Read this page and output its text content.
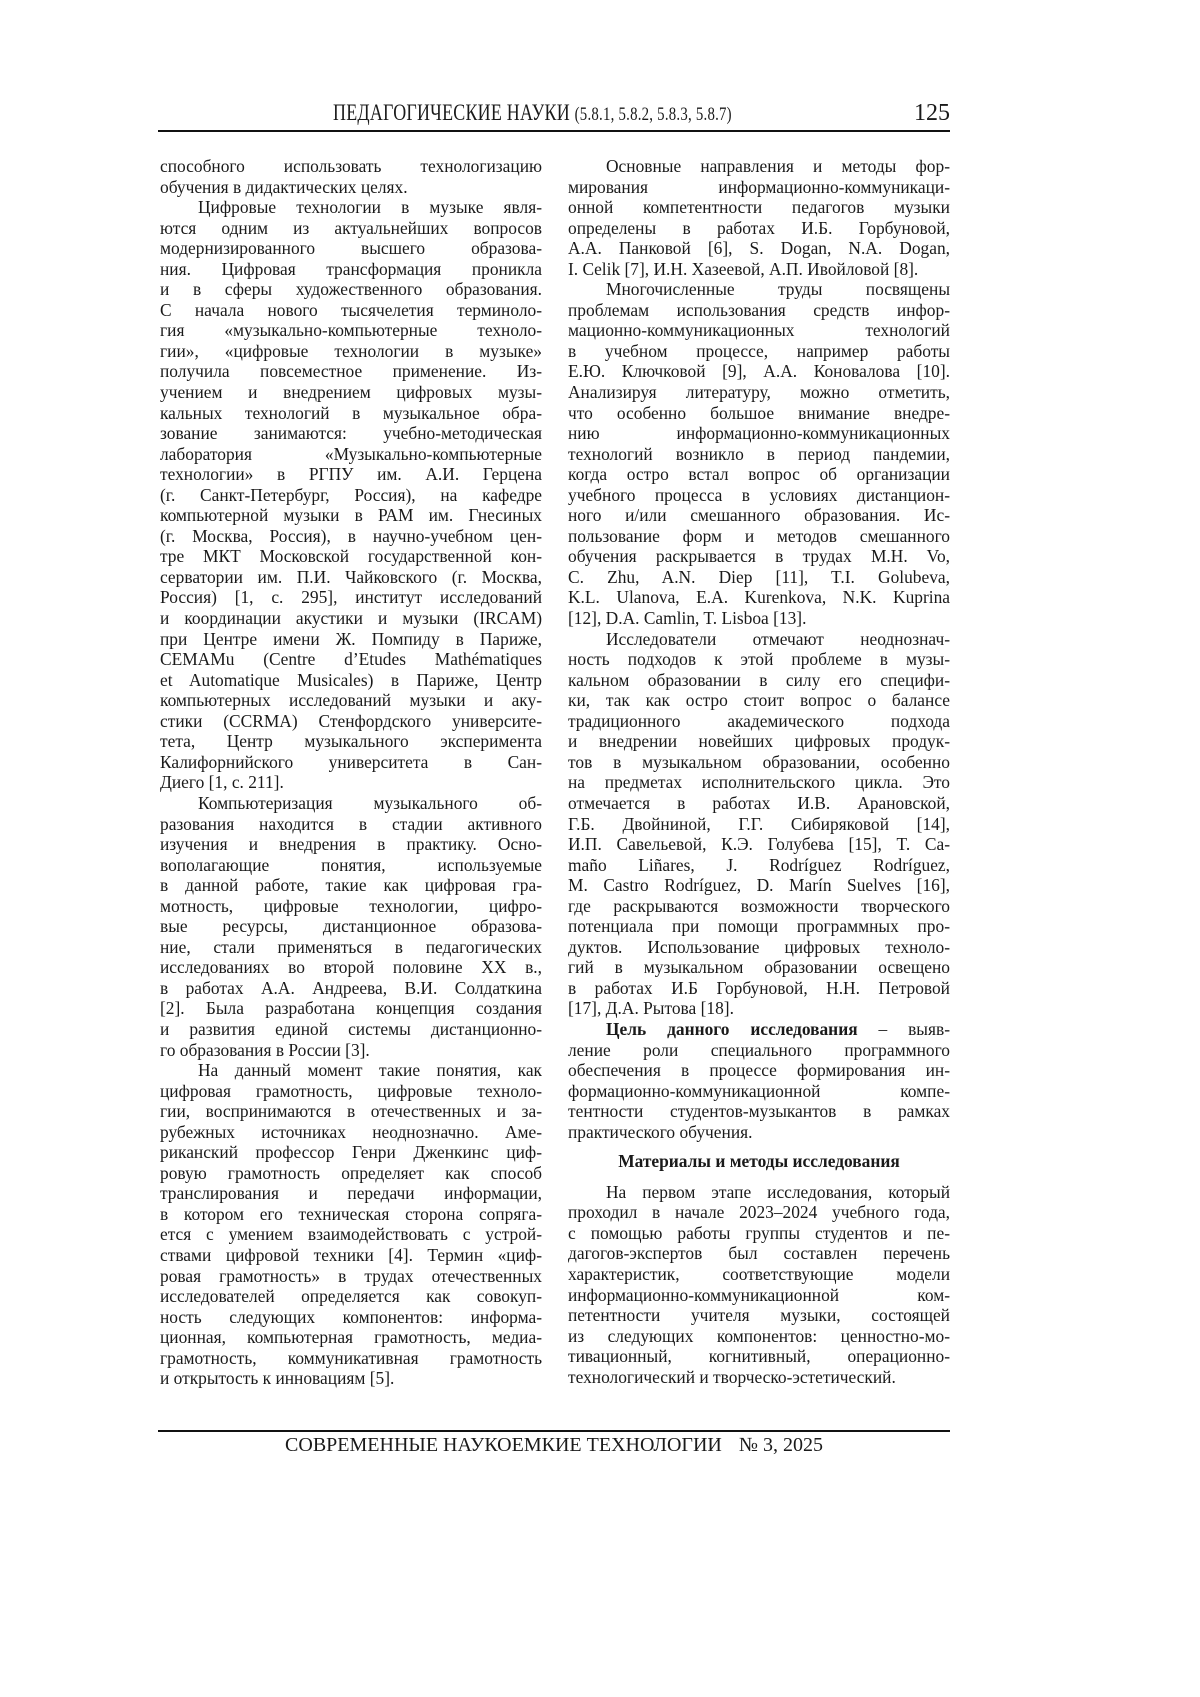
ПЕДАГОГИЧЕСКИЕ НАУКИ (5.8.1, 5.8.2, 5.8.3, 5.8.7)	125
способного использовать технологизацию
обучения в дидактических целях.
Цифровые технологии в музыке явля-
ются одним из актуальнейших вопросов
модернизированного высшего образова-
ния. Цифровая трансформация проникла
и в сферы художественного образования.
С начала нового тысячелетия терминоло-
гия «музыкально-компьютерные техноло-
гии», «цифровые технологии в музыке»
получила повсеместное применение. Из-
учением и внедрением цифровых музы-
кальных технологий в музыкальное обра-
зование занимаются: учебно-методическая
лаборатория «Музыкально-компьютерные
технологии» в РГПУ им. А.И. Герцена
(г. Санкт-Петербург, Россия), на кафедре
компьютерной музыки в РАМ им. Гнесиных
(г. Москва, Россия), в научно-учебном цен-
тре МКТ Московской государственной кон-
серватории им. П.И. Чайковского (г. Москва,
Россия) [1, с. 295], институт исследований
и координации акустики и музыки (IRCAM)
при Центре имени Ж. Помпиду в Париже,
CEMAMu (Centre d’Etudes Mathématiques
et Automatique Musicales) в Париже, Центр
компьютерных исследований музыки и аку-
стики (CCRMA) Стенфордского университе-
тета, Центр музыкального эксперимента
Калифорнийского университета в Сан-
Диего [1, с. 211].
Компьютеризация музыкального об-
разования находится в стадии активного
изучения и внедрения в практику. Осно-
вополагающие понятия, используемые
в данной работе, такие как цифровая гра-
мотность, цифровые технологии, цифро-
вые ресурсы, дистанционное образова-
ние, стали применяться в педагогических
исследованиях во второй половине XX в.,
в работах А.А. Андреева, В.И. Солдаткина
[2]. Была разработана концепция создания
и развития единой системы дистанционно-
го образования в России [3].
На данный момент такие понятия, как
цифровая грамотность, цифровые техноло-
гии, воспринимаются в отечественных и за-
рубежных источниках неоднозначно. Аме-
риканский профессор Генри Дженкинс циф-
ровую грамотность определяет как способ
транслирования и передачи информации,
в котором его техническая сторона сопряга-
ется с умением взаимодействовать с устрой-
ствами цифровой техники [4]. Термин «циф-
ровая грамотность» в трудах отечественных
исследователей определяется как совокуп-
ность следующих компонентов: информа-
ционная, компьютерная грамотность, медиа-
грамотность, коммуникативная грамотность
и открытость к инновациям [5].
Основные направления и методы фор-
мирования информационно-коммуникаци-
онной компетентности педагогов музыки
определены в работах И.Б. Горбуновой,
А.А. Панковой [6], S. Dogan, N.A. Dogan,
I. Celik [7], И.Н. Хазеевой, А.П. Ивойловой [8].
Многочисленные труды посвящены
проблемам использования средств инфор-
мационно-коммуникационных технологий
в учебном процессе, например работы
Е.Ю. Ключковой [9], А.А. Коновалова [10].
Анализируя литературу, можно отметить,
что особенно большое внимание внедре-
нию информационно-коммуникационных
технологий возникло в период пандемии,
когда остро встал вопрос об организации
учебного процесса в условиях дистанцион-
ного и/или смешанного образования. Ис-
пользование форм и методов смешанного
обучения раскрывается в трудах M.H. Vo,
C. Zhu, A.N. Diep [11], T.I. Golubeva,
K.L. Ulanova, E.A. Kurenkova, N.K. Kuprina
[12], D.A. Camlin, T. Lisboa [13].
Исследователи отмечают неоднознач-
ность подходов к этой проблеме в музы-
кальном образовании в силу его специфи-
ки, так как остро стоит вопрос о балансе
традиционного академического подхода
и внедрении новейших цифровых продук-
тов в музыкальном образовании, особенно
на предметах исполнительского цикла. Это
отмечается в работах И.В. Арановской,
Г.Б. Двойниной, Г.Г. Сибиряковой [14],
И.П. Савельевой, К.Э. Голубева [15], T. Ca-
maño Liñares, J. Rodríguez Rodríguez,
M. Castro Rodríguez, D. Marín Suelves [16],
где раскрываются возможности творческого
потенциала при помощи программных про-
дуктов. Использование цифровых техноло-
гий в музыкальном образовании освещено
в работах И.Б Горбуновой, Н.Н. Петровой
[17], Д.А. Рытова [18].
Цель данного исследования – выяв-
ление роли специального программного
обеспечения в процессе формирования ин-
формационно-коммуникационной компе-
тентности студентов-музыкантов в рамках
практического обучения.
Материалы и методы исследования
На первом этапе исследования, который
проходил в начале 2023–2024 учебного года,
с помощью работы группы студентов и пе-
дагогов-экспертов был составлен перечень
характеристик, соответствующие модели
информационно-коммуникационной ком-
петентности учителя музыки, состоящей
из следующих компонентов: ценностно-мо-
тивационный, когнитивный, операционно-
технологический и творческо-эстетический.
СОВРЕМЕННЫЕ НАУКОЕМКИЕ ТЕХНОЛОГИИ № 3, 2025
